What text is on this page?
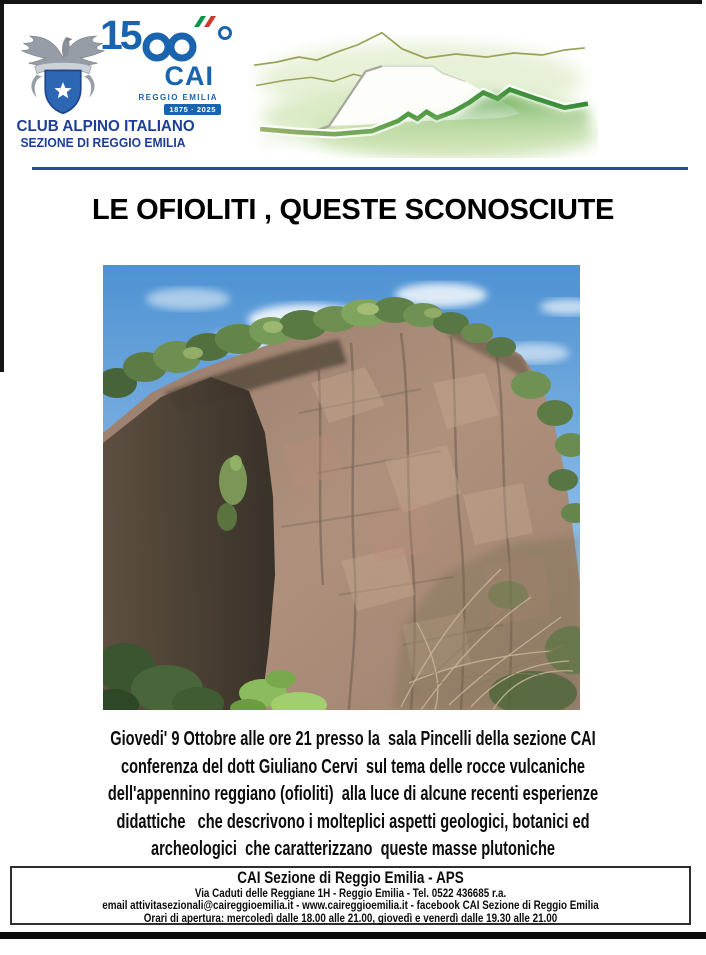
15
CAI
REGGIO EMILIA
1875 · 2025
CLUB ALPINO ITALIANO
SEZIONE DI REGGIO EMILIA
LE OFIOLITI , QUESTE SCONOSCIUTE
Giovedi' 9 Ottobre alle ore 21 presso la  sala Pincelli della sezione CAI
conferenza del dott Giuliano Cervi  sul tema delle rocce vulcaniche
dell'appennino reggiano (ofioliti)  alla luce di alcune recenti esperienze
didattiche   che descrivono i molteplici aspetti geologici, botanici ed
archeologici  che caratterizzano  queste masse plutoniche
CAI Sezione di Reggio Emilia - APS
Via Caduti delle Reggiane 1H - Reggio Emilia - Tel. 0522 436685 r.a.
email attivitasezionali@caireggioemilia.it - www.caireggioemilia.it - facebook CAI Sezione di Reggio Emilia
Orari di apertura: mercoledì dalle 18.00 alle 21.00, giovedì e venerdì dalle 19.30 alle 21.00
